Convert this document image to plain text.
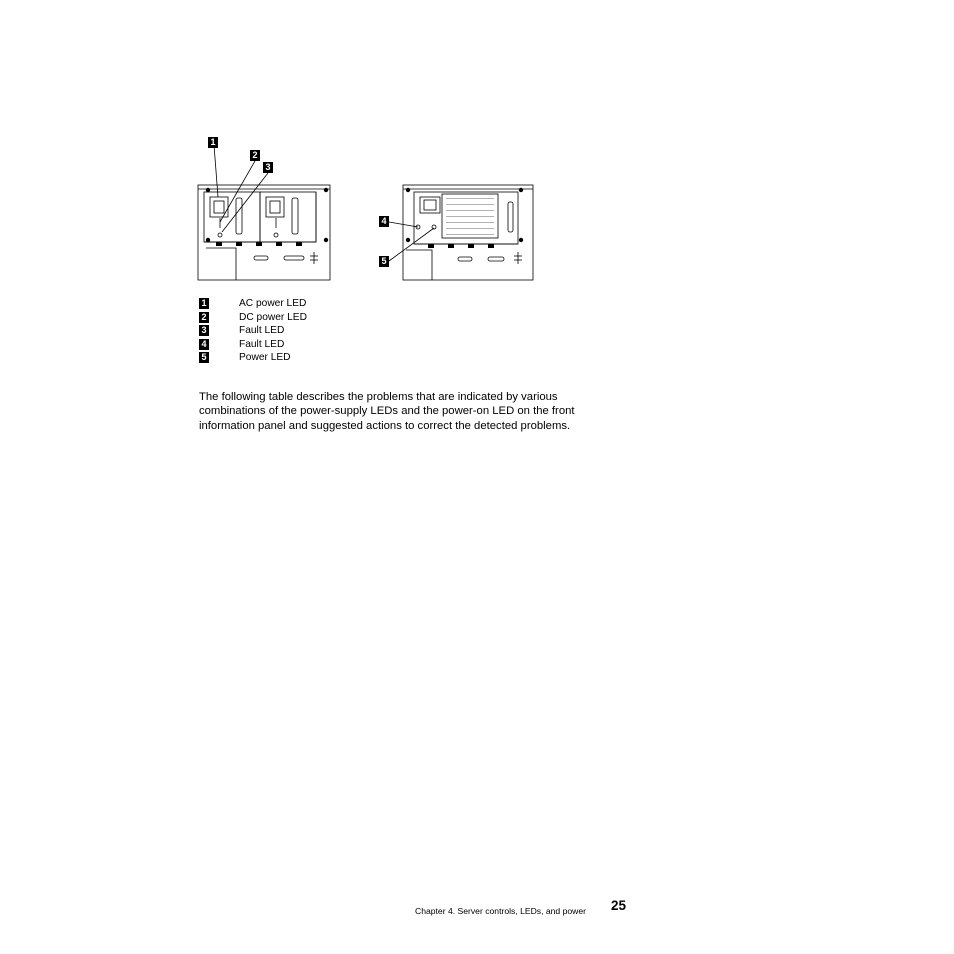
1
2
3
4
5
1	AC power LED
2	DC power LED
3	Fault LED
4	Fault LED
5	Power LED

The following table describes the problems that are indicated by various

combinations of the power-supply LEDs and the power-on LED on the front

information panel and suggested actions to correct the detected problems.

Chapter 4. Server controls, LEDs, and power 25
